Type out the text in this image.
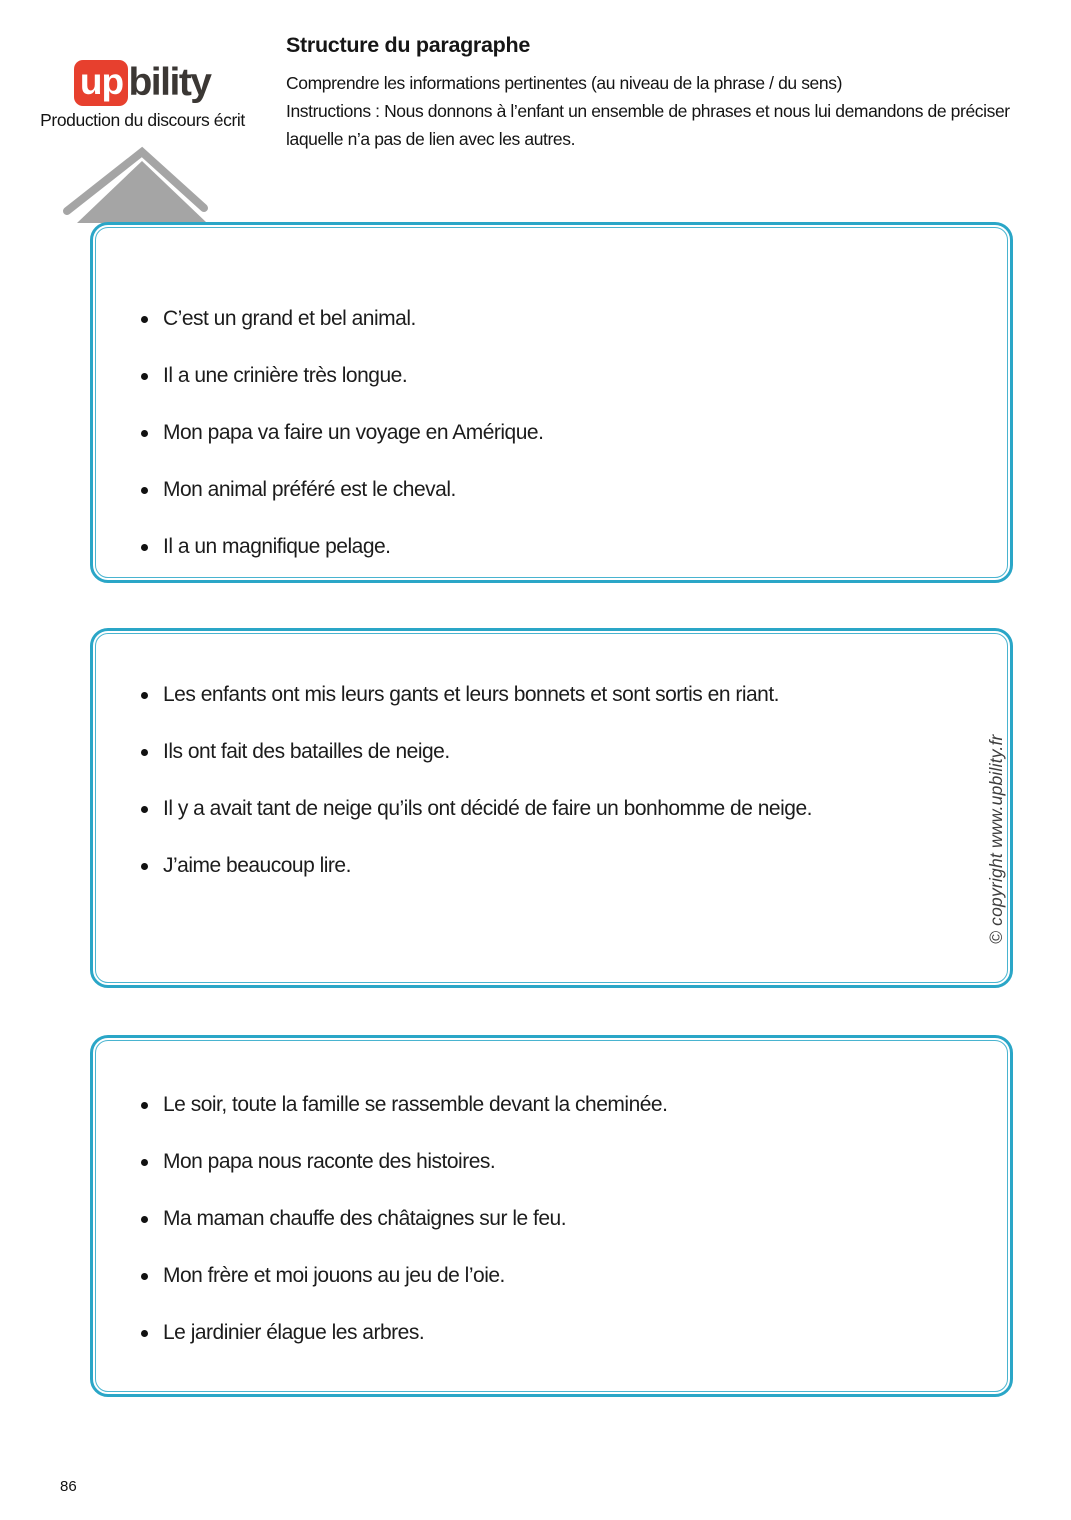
up bility
Production du discours écrit
Structure du paragraphe
Comprendre les informations pertinentes (au niveau de la phrase / du sens)
Instructions : Nous donnons à l’enfant un ensemble de phrases et nous lui demandons de préciser laquelle n’a pas de lien avec les autres.
C’est un grand et bel animal.
Il a une crinière très longue.
Mon papa va faire un voyage en Amérique.
Mon animal préféré est le cheval.
Il a un magnifique pelage.
Les enfants ont mis leurs gants et leurs bonnets et sont sortis en riant.
Ils ont fait des batailles de neige.
Il y a avait tant de neige qu’ils ont décidé de faire un bonhomme de neige.
J’aime beaucoup lire.
Le soir, toute la famille se rassemble devant la cheminée.
Mon papa nous raconte des histoires.
Ma maman chauffe des châtaignes sur le feu.
Mon frère et moi jouons au jeu de l’oie.
Le jardinier élague les arbres.
© copyright www.upbility.fr
86
